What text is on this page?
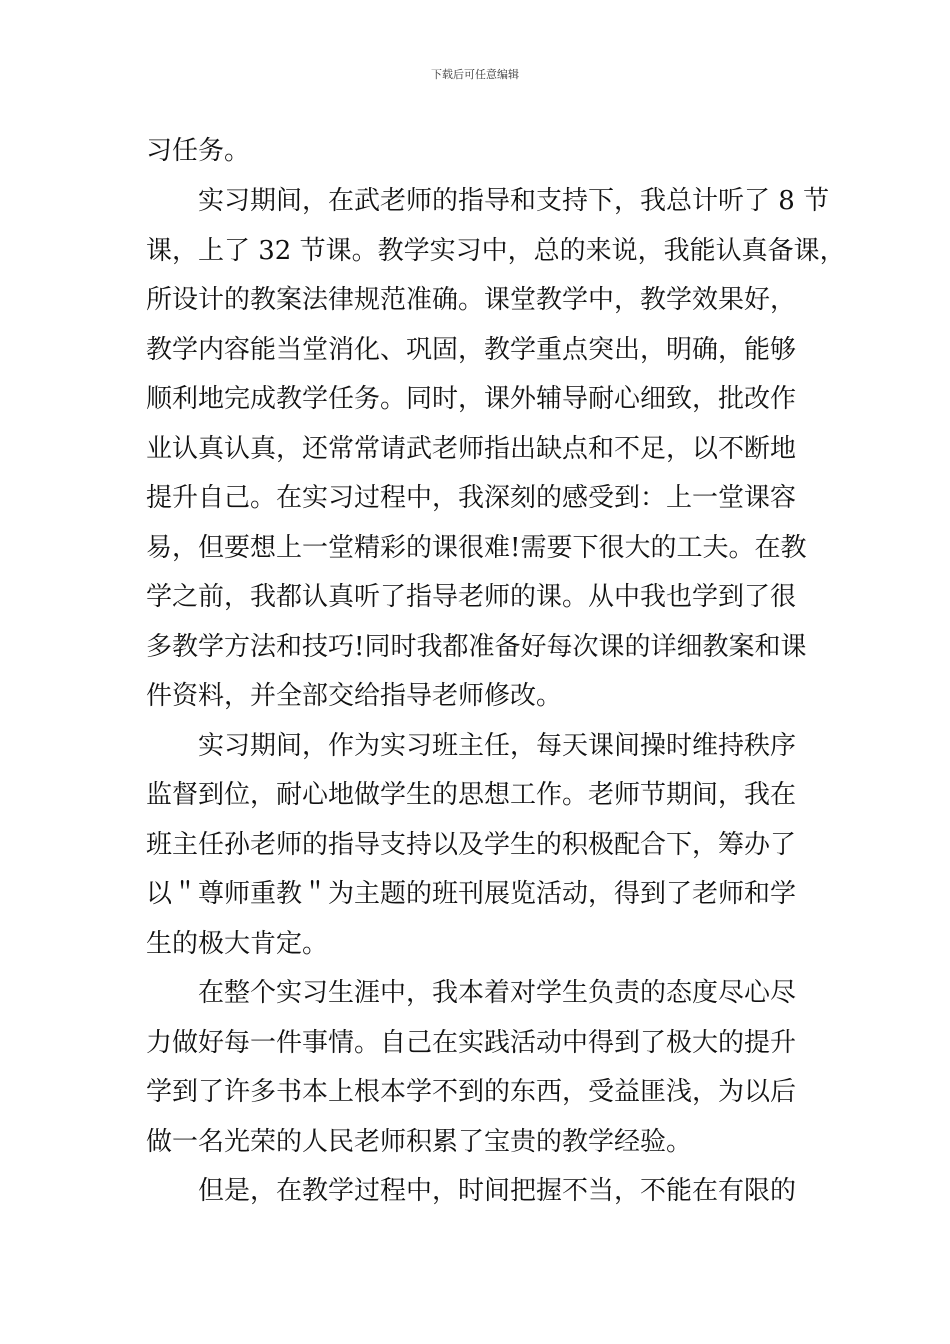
下载后可任意编辑
习任务。
　　实习期间，在武老师的指导和支持下，我总计听了 8 节
课，上了 32 节课。教学实习中，总的来说，我能认真备课，
所设计的教案法律规范准确。课堂教学中，教学效果好，
教学内容能当堂消化、巩固，教学重点突出，明确，能够
顺利地完成教学任务。同时，课外辅导耐心细致，批改作
业认真认真，还常常请武老师指出缺点和不足，以不断地
提升自己。在实习过程中，我深刻的感受到：上一堂课容
易，但要想上一堂精彩的课很难!需要下很大的工夫。在教
学之前，我都认真听了指导老师的课。从中我也学到了很
多教学方法和技巧!同时我都准备好每次课的详细教案和课
件资料，并全部交给指导老师修改。
　　实习期间，作为实习班主任，每天课间操时维持秩序
监督到位，耐心地做学生的思想工作。老师节期间，我在
班主任孙老师的指导支持以及学生的积极配合下，筹办了
以＂尊师重教＂为主题的班刊展览活动，得到了老师和学
生的极大肯定。
　　在整个实习生涯中，我本着对学生负责的态度尽心尽
力做好每一件事情。自己在实践活动中得到了极大的提升
学到了许多书本上根本学不到的东西，受益匪浅，为以后
做一名光荣的人民老师积累了宝贵的教学经验。
　　但是，在教学过程中，时间把握不当，不能在有限的
